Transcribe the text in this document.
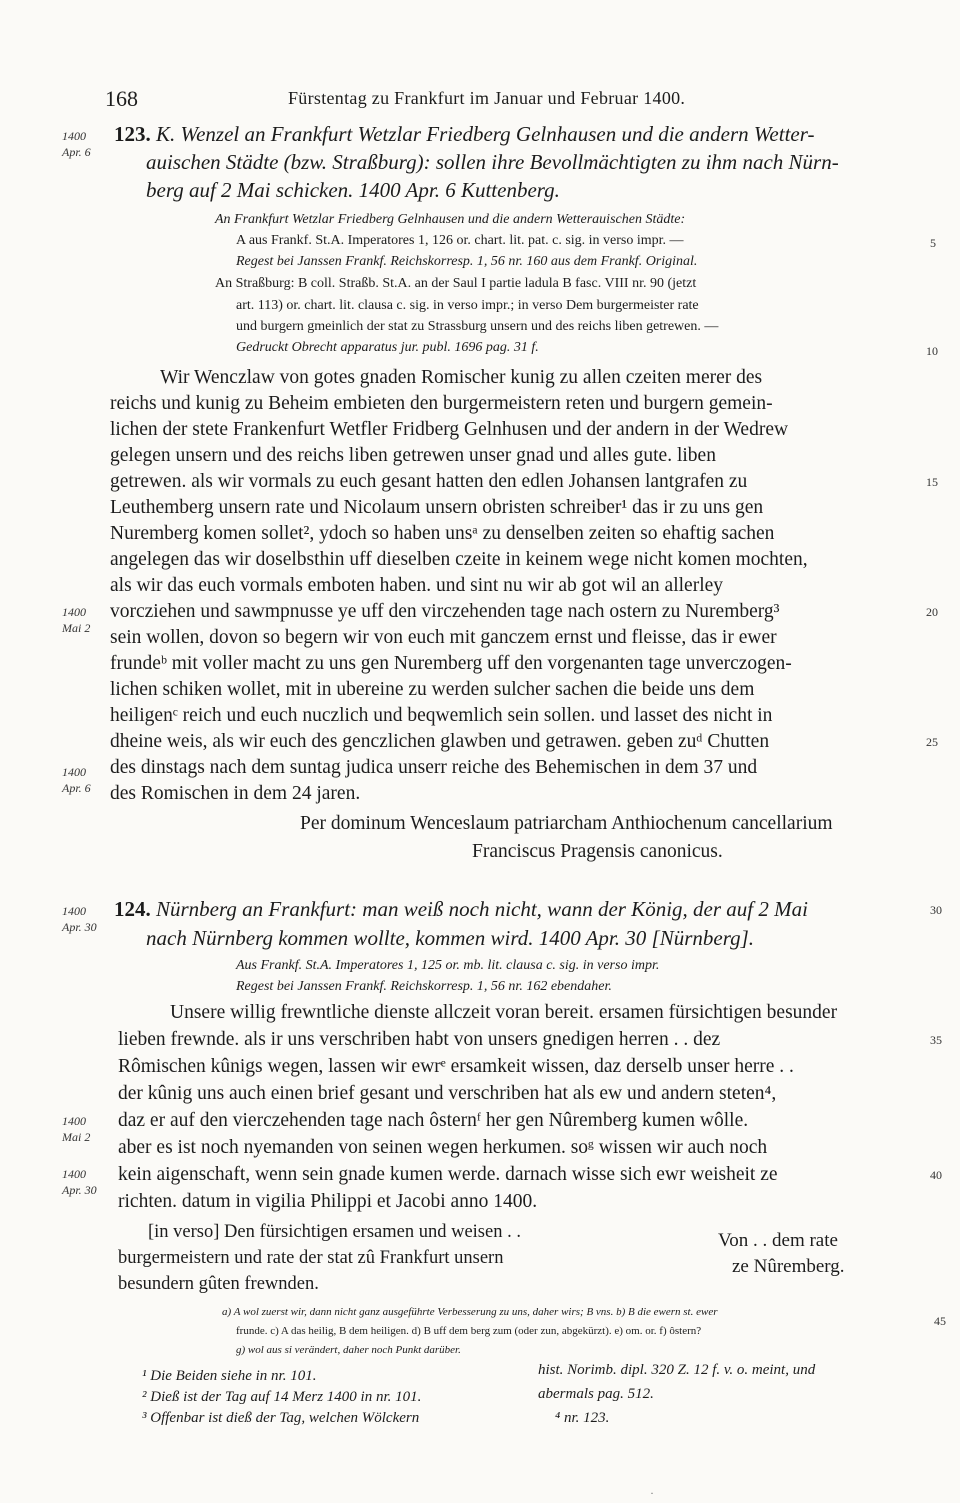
168	Fürstentag zu Frankfurt im Januar und Februar 1400.
1400
Apr. 6
123. K. Wenzel an Frankfurt Wetzlar Friedberg Gelnhausen und die andern Wetter-
auischen Städte (bzw. Straßburg): sollen ihre Bevollmächtigten zu ihm nach Nürn-
berg auf 2 Mai schicken. 1400 Apr. 6 Kuttenberg.
An Frankfurt Wetzlar Friedberg Gelnhausen und die andern Wetterauischen Städte:
A aus Frankf. St.A. Imperatores 1, 126 or. chart. lit. pat. c. sig. in verso impr. —	5
Regest bei Janssen Frankf. Reichskorresp. 1, 56 nr. 160 aus dem Frankf. Original.
An Straßburg: B coll. Straßb. St.A. an der Saul I partie ladula B fasc. VIII nr. 90 (jetzt
art. 113) or. chart. lit. clausa c. sig. in verso impr.; in verso Dem burgermeister rate
und burgern gmeinlich der stat zu Strassburg unsern und des reichs liben getrewen. —
Gedruckt Obrecht apparatus jur. publ. 1696 pag. 31 f.	10
Wir Wenczlaw von gotes gnaden Romischer kunig zu allen czeiten merer des
reichs und kunig zu Beheim embieten den burgermeistern reten und burgern gemein-
lichen der stete Frankenfurt Wetfler Fridberg Gelnhusen und der andern in der Wedrew
gelegen unsern und des reichs liben getrewen unser gnad und alles gute. liben
getrewen. als wir vormals zu euch gesant hatten den edlen Johansen lantgrafen zu	15
Leuthemberg unsern rate und Nicolaum unsern obristen schreiber¹ das ir zu uns gen
Nuremberg komen sollet², ydoch so haben unsᵃ zu denselben zeiten so ehaftig sachen
angelegen das wir doselbsthin uff dieselben czeite in keinem wege nicht komen mochten,
als wir das euch vormals emboten haben. und sint nu wir ab got wil an allerley
1400
Mai 2
vorcziehen und sawmpnusse ye uff den virczehenden tage nach ostern zu Nuremberg³	20
sein wollen, dovon so begern wir von euch mit ganczem ernst und fleisse, das ir ewer
frundeᵇ mit voller macht zu uns gen Nuremberg uff den vorgenanten tage unverczogen-
lichen schiken wollet, mit in ubereine zu werden sulcher sachen die beide uns dem
heiligenᶜ reich und euch nuczlich und beqwemlich sein sollen. und lasset des nicht in
dheine weis, als wir euch des genczlichen glawben und getrawen. geben zuᵈ Chutten	25
1400
Apr. 6
des dinstags nach dem suntag judica unserr reiche des Behemischen in dem 37 und
des Romischen in dem 24 jaren.
Per dominum Wenceslaum patriarcham Anthiochenum cancellarium
Franciscus Pragensis canonicus.
1400
Apr. 30
124. Nürnberg an Frankfurt: man weiß noch nicht, wann der König, der auf 2 Mai	30
nach Nürnberg kommen wollte, kommen wird. 1400 Apr. 30 [Nürnberg].
Aus Frankf. St.A. Imperatores 1, 125 or. mb. lit. clausa c. sig. in verso impr.
Regest bei Janssen Frankf. Reichskorresp. 1, 56 nr. 162 ebendaher.
Unsere willig frewntliche dienste allczeit voran bereit. ersamen fürsichtigen besunder
lieben frewnde. als ir uns verschriben habt von unsers gnedigen herren . . dez	35
Rômischen kûnigs wegen, lassen wir ewrᵉ ersamkeit wissen, daz derselb unser herre . .
der kûnig uns auch einen brief gesant und verschriben hat als ew und andern steten⁴,
1400
Mai 2
daz er auf den vierczehenden tage nach ôsternᶠ her gen Nûremberg kumen wôlle.
aber es ist noch nyemanden von seinen wegen herkumen. soᵍ wissen wir auch noch
1400
Apr. 30
kein aigenschaft, wenn sein gnade kumen werde. darnach wisse sich ewr weisheit ze	40
richten. datum in vigilia Philippi et Jacobi anno 1400.
[in verso] Den fürsichtigen ersamen und weisen . .
burgermeistern und rate der stat zû Frankfurt unsern
besundern gûten frewnden.
Von . . dem rate
ze Nûremberg.
a) A wol zuerst wir, dann nicht ganz ausgeführte Verbesserung zu uns, daher wirs; B vns. b) B die ewern st. ewer
frunde. c) A das heilig, B dem heiligen. d) B uff dem berg zum (oder zun, abgekürzt). e) om. or. f) ôstern?
45
g) wol aus si verändert, daher noch Punkt darüber.
¹ Die Beiden siehe in nr. 101.
² Dieß ist der Tag auf 14 Merz 1400 in nr. 101.
³ Offenbar ist dieß der Tag, welchen Wölckern
hist. Norimb. dipl. 320 Z. 12 f. v. o. meint, und
abermals pag. 512.
⁴ nr. 123.
·
